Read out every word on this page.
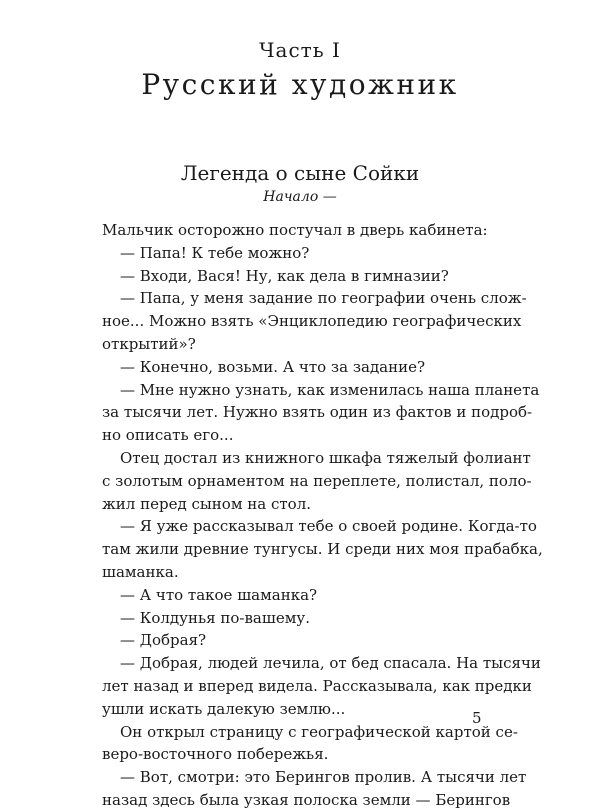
Часть I
Русский художник
Легенда о сыне Сойки
Начало —
Мальчик осторожно постучал в дверь кабинета:
— Папа! К тебе можно?
— Входи, Вася! Ну, как дела в гимназии?
— Папа, у меня задание по географии очень слож-
ное... Можно взять «Энциклопедию географических
открытий»?
— Конечно, возьми. А что за задание?
— Мне нужно узнать, как изменилась наша планета
за тысячи лет. Нужно взять один из фактов и подроб-
но описать его...
Отец достал из книжного шкафа тяжелый фолиант
с золотым орнаментом на переплете, полистал, поло-
жил перед сыном на стол.
— Я уже рассказывал тебе о своей родине. Когда-то
там жили древние тунгусы. И среди них моя прабабка,
шаманка.
— А что такое шаманка?
— Колдунья по-вашему.
— Добрая?
— Добрая, людей лечила, от бед спасала. На тысячи
лет назад и вперед видела. Рассказывала, как предки
ушли искать далекую землю...
Он открыл страницу с географической картой се-
веро-восточного побережья.
— Вот, смотри: это Берингов пролив. А тысячи лет
назад здесь была узкая полоска земли — Берингов
5
